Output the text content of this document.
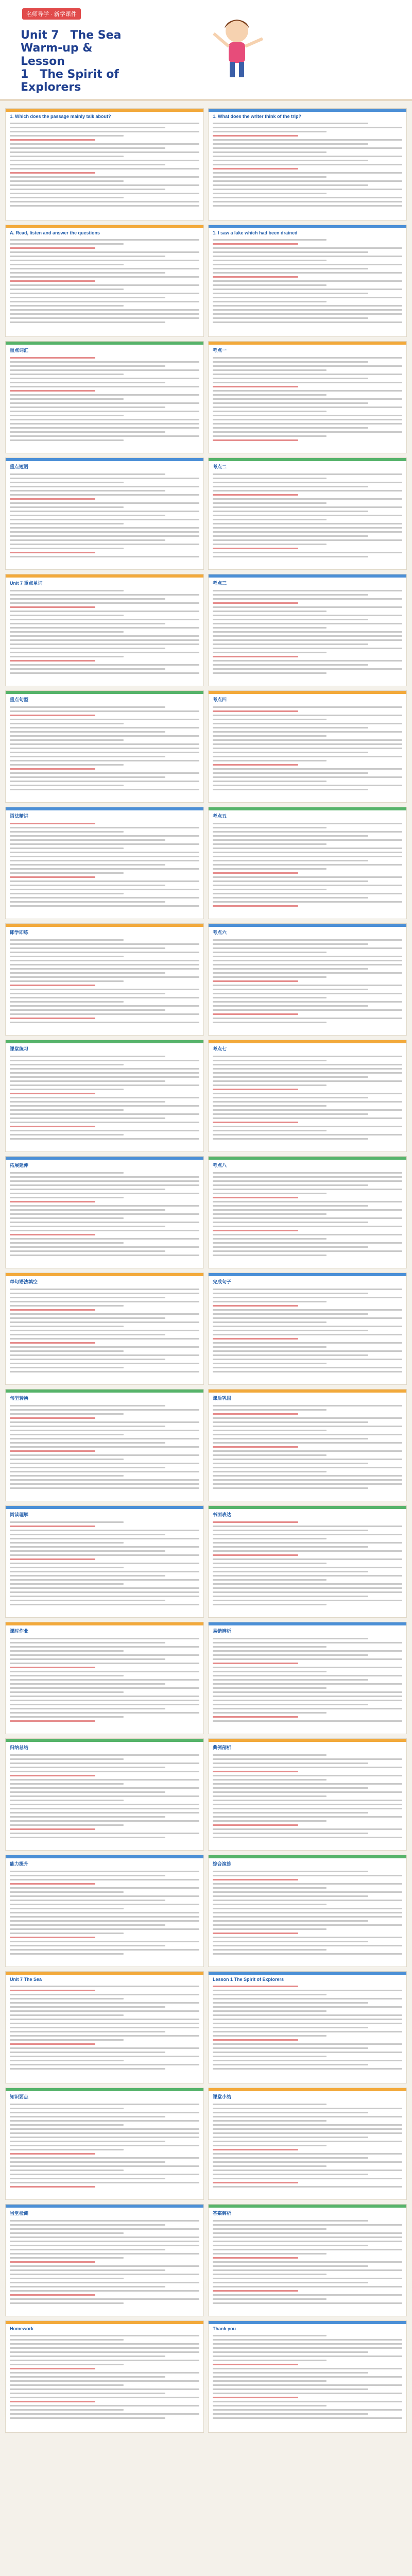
名师导学 · 新学课件
Unit 7　The Sea
Warm-up & Lesson
1　The Spirit of
Explorers
1. Which does the passage mainly talk about?	1. What does the writer think of the trip?
A. Read, listen and answer the questions	1. I saw a lake which had been drained
重点词汇	考点一
重点短语	考点二
Unit 7 重点单词	考点三
重点句型	考点四
语法精讲	考点五
即学即练	考点六
课堂练习	考点七
拓展延伸	考点八
单句语法填空	完成句子
句型转换	课后巩固
阅读理解	书面表达
课时作业	易错辨析
归纳总结	典例剖析
能力提升	综合演练
Unit 7 The Sea	Lesson 1 The Spirit of Explorers
知识要点	课堂小结
当堂检测	答案解析
Homework	Thank you
